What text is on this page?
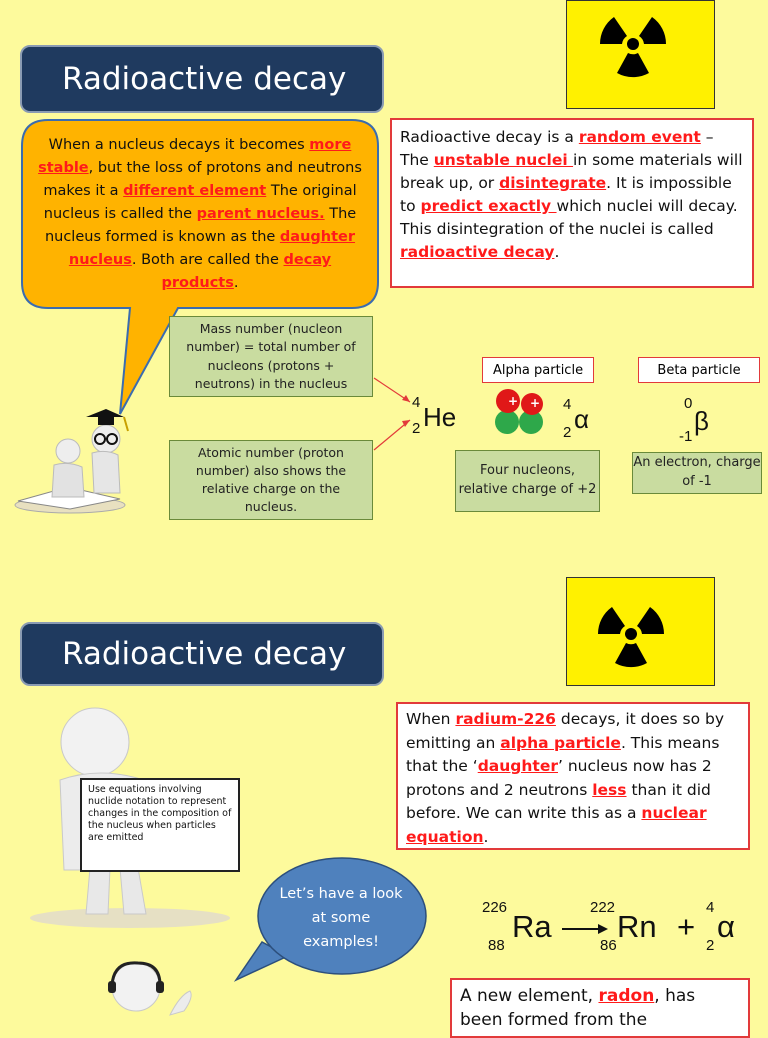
Radioactive decay
When a nucleus decays it becomes more stable, but the loss of protons and neutrons makes it a different element The original nucleus is called the parent nucleus. The nucleus formed is known as the daughter nucleus. Both are called the decay products.
Radioactive decay is a random event – The unstable nuclei in some materials will break up, or disintegrate. It is impossible to predict exactly which nuclei will decay. This disintegration of the nuclei is called radioactive decay.
Mass number (nucleon number) = total number of nucleons (protons + neutrons) in the nucleus
Atomic number (proton number) also shows the relative charge on the nucleus.
4
2 He
Alpha particle
+ + 4
2 α
Four nucleons, relative charge of +2
Beta particle
0
-1
β
An electron, charge of -1
Radioactive decay
Use equations involving nuclide notation to represent changes in the composition of the nucleus when particles are emitted
Let’s have a look at some examples!
When radium-226 decays, it does so by emitting an alpha particle. This means that the ‘daughter’ nucleus now has 2 protons and 2 neutrons less than it did before. We can write this as a nuclear equation.
226
88
Ra →
222
86
Rn +
4
2
α
A new element, radon, has been formed from the
